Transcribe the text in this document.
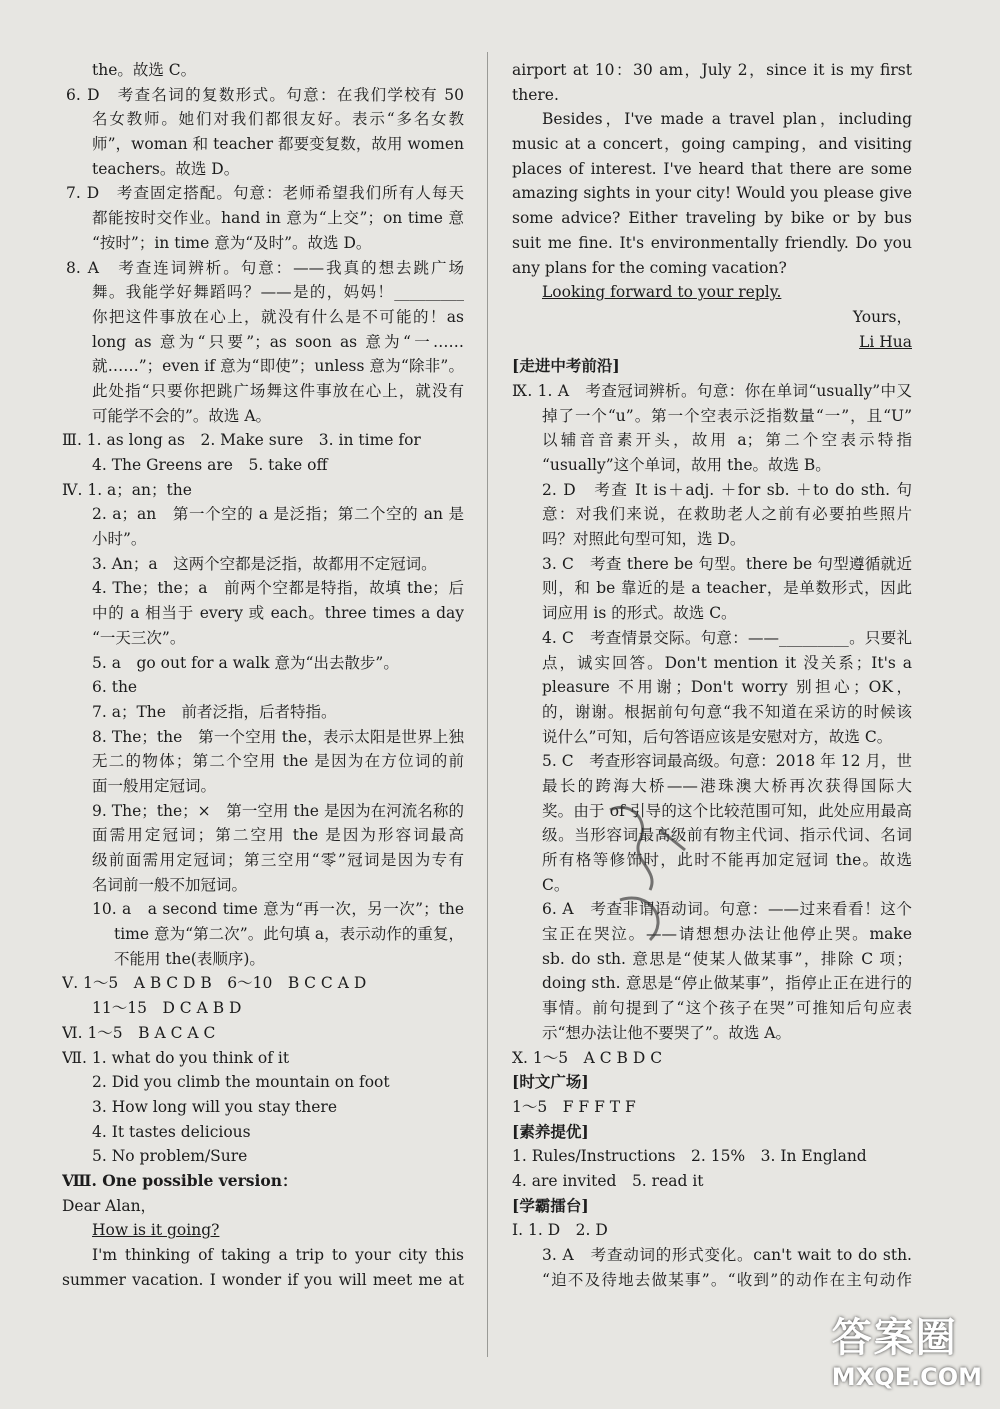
the。故选 C。
6. D　考查名词的复数形式。句意：在我们学校有 50
名女教师。她们对我们都很友好。表示“多名女教
师”，woman 和 teacher 都要变复数，故用 women
teachers。故选 D。
7. D　考查固定搭配。句意：老师希望我们所有人每天
都能按时交作业。hand in 意为“上交”；on time 意
“按时”；in time 意为“及时”。故选 D。
8. A　考查连词辨析。句意：——我真的想去跳广场
舞。我能学好舞蹈吗？——是的，妈妈！_________
你把这件事放在心上，就没有什么是不可能的！as
long as 意为“只要”；as soon as 意为“一……
就……”；even if 意为“即使”；unless 意为“除非”。
此处指“只要你把跳广场舞这件事放在心上，就没有
可能学不会的”。故选 A。
Ⅲ. 1. as long as　2. Make sure　3. in time for
4. The Greens are　5. take off
Ⅳ. 1. a；an；the
2. a；an　第一个空的 a 是泛指；第二个空的 an 是
小时”。
3. An；a　这两个空都是泛指，故都用不定冠词。
4. The；the；a　前两个空都是特指，故填 the；后
中的 a 相当于 every 或 each。three times a day
“一天三次”。
5. a　go out for a walk 意为“出去散步”。
6. the
7. a；The　前者泛指，后者特指。
8. The；the　第一个空用 the，表示太阳是世界上独
无二的物体；第二个空用 the 是因为在方位词的前
面一般用定冠词。
9. The；the；×　第一空用 the 是因为在河流名称的
面需用定冠词；第二空用 the 是因为形容词最高
级前面需用定冠词；第三空用“零”冠词是因为专有
名词前一般不加冠词。
10. a　a second time 意为“再一次，另一次”；the
time 意为“第二次”。此句填 a，表示动作的重复，
不能用 the(表顺序)。
Ⅴ. 1～5　A B C D B　6～10　B C C A D
11～15　D C A B D
Ⅵ. 1～5　B A C A C
Ⅶ. 1. what do you think of it
2. Did you climb the mountain on foot
3. How long will you stay there
4. It tastes delicious
5. No problem/Sure
Ⅷ. One possible version：
Dear Alan，
How is it going?
I'm thinking of taking a trip to your city this
summer vacation. I wonder if you will meet me at
airport at 10：30 am，July 2，since it is my first
there.
Besides，I've made a travel plan，including
music at a concert，going camping，and visiting
places of interest. I've heard that there are some
amazing sights in your city! Would you please give
some advice? Either traveling by bike or by bus
suit me fine. It's environmentally friendly. Do you
any plans for the coming vacation?
Looking forward to your reply.
Yours，
Li Hua
[走进中考前沿]
Ⅸ. 1. A　考查冠词辨析。句意：你在单词“usually”中又
掉了一个“u”。第一个空表示泛指数量“一”，且“U”
以辅音音素开头，故用 a；第二个空表示特指
“usually”这个单词，故用 the。故选 B。
2. D　考查 It is＋adj. ＋for sb. ＋to do sth. 句
意：对我们来说，在救助老人之前有必要拍些照片
吗？对照此句型可知，选 D。
3. C　考查 there be 句型。there be 句型遵循就近
则，和 be 靠近的是 a teacher，是单数形式，因此
词应用 is 的形式。故选 C。
4. C　考查情景交际。句意：——_________。只要礼
点，诚实回答。Don't mention it 没关系；It's a
pleasure 不用谢；Don't worry 别担心；OK，
的，谢谢。根据前句句意“我不知道在采访的时候该
说什么”可知，后句答语应该是安慰对方，故选 C。
5. C　考查形容词最高级。句意：2018 年 12 月，世
最长的跨海大桥——港珠澳大桥再次获得国际大
奖。由于 of 引导的这个比较范围可知，此处应用最高
级。当形容词最高级前有物主代词、指示代词、名词
所有格等修饰时，此时不能再加定冠词 the。故选
C。
6. A　考查非谓语动词。句意：——过来看看！这个
宝正在哭泣。——请想想办法让他停止哭。make
sb. do sth. 意思是“使某人做某事”，排除 C 项；
doing sth. 意思是“停止做某事”，指停止正在进行的
事情。前句提到了“这个孩子在哭”可推知后句应表
示“想办法让他不要哭了”。故选 A。
Ⅹ. 1～5　A C B D C
[时文广场]
1～5　F F F T F
[素养提优]
1. Rules/Instructions　2. 15%　3. In England
4. are invited　5. read it
[学霸擂台]
Ⅰ. 1. D　2. D
3. A　考查动词的形式变化。can't wait to do sth.
“迫不及待地去做某事”。“收到”的动作在主句动作
答案圈
MXQE.COM
